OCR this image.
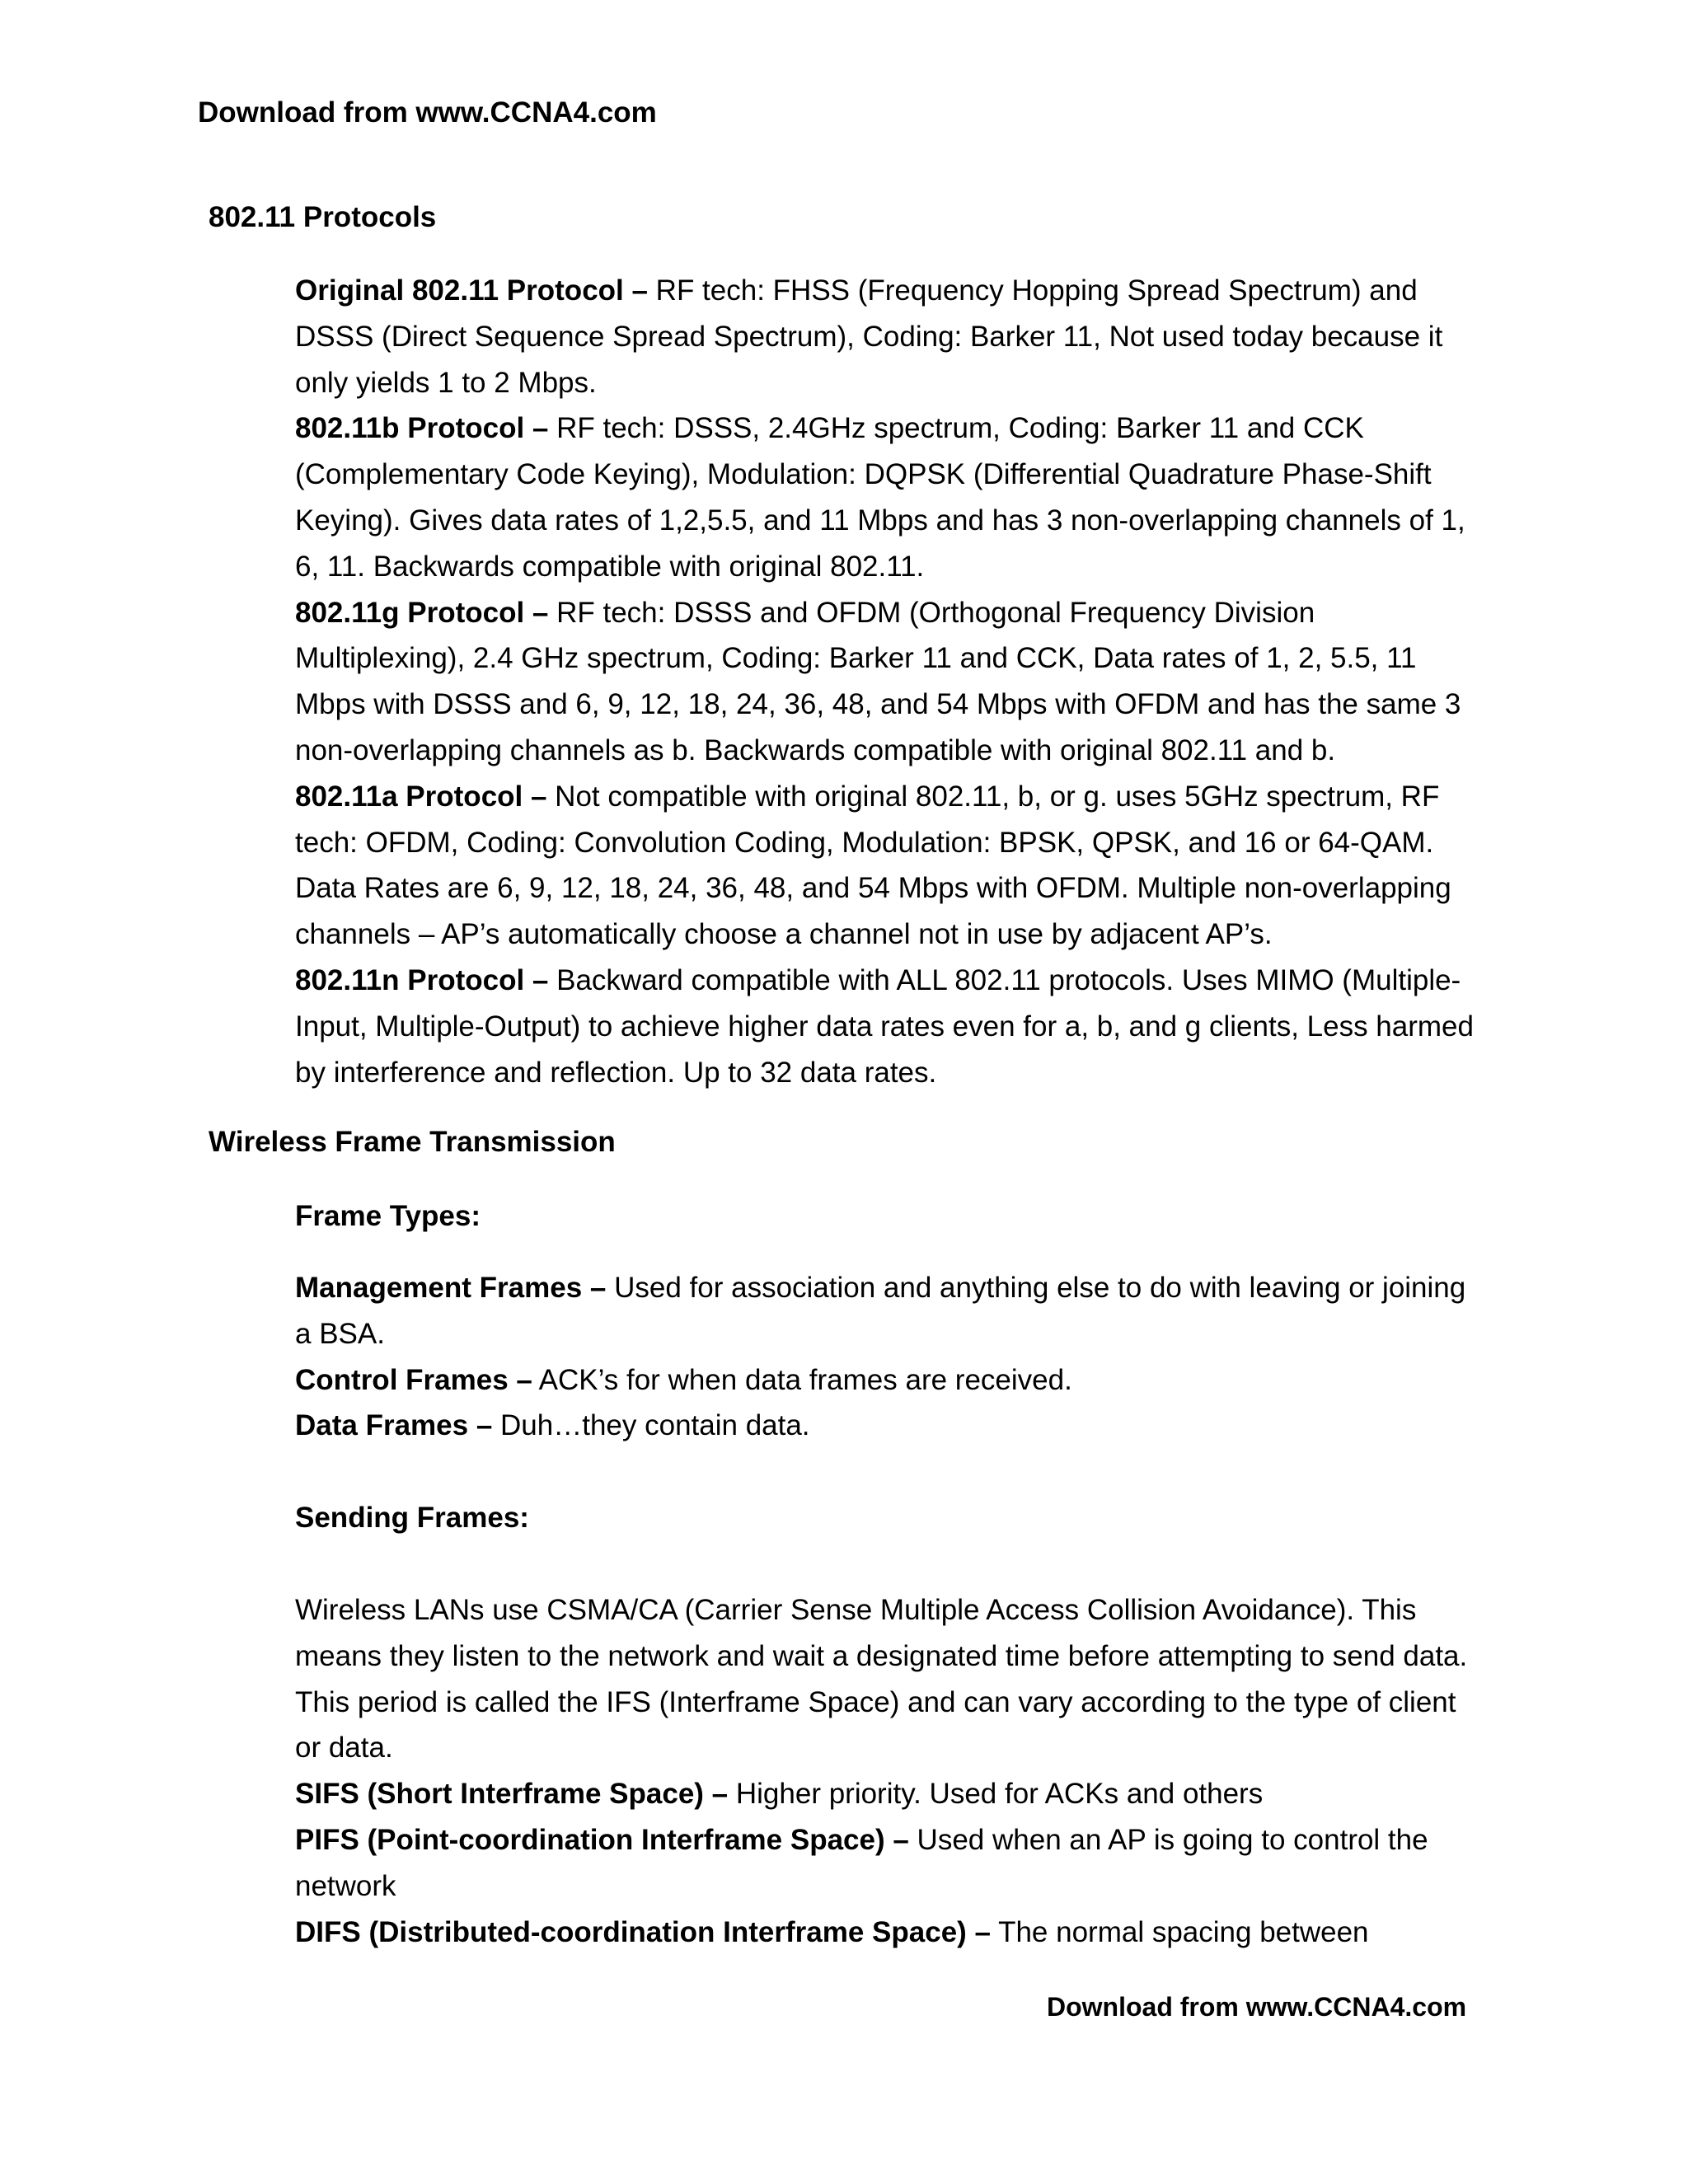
Download from www.CCNA4.com
802.11 Protocols

Original 802.11 Protocol – RF tech: FHSS (Frequency Hopping Spread Spectrum) and DSSS (Direct Sequence Spread Spectrum), Coding: Barker 11, Not used today because it only yields 1 to 2 Mbps.

802.11b Protocol – RF tech: DSSS, 2.4GHz spectrum, Coding: Barker 11 and CCK (Complementary Code Keying), Modulation: DQPSK (Differential Quadrature Phase-Shift Keying). Gives data rates of 1,2,5.5, and 11 Mbps and has 3 non-overlapping channels of 1, 6, 11. Backwards compatible with original 802.11.

802.11g Protocol – RF tech: DSSS and OFDM (Orthogonal Frequency Division Multiplexing), 2.4 GHz spectrum, Coding: Barker 11 and CCK, Data rates of 1, 2, 5.5, 11 Mbps with DSSS and 6, 9, 12, 18, 24, 36, 48, and 54 Mbps with OFDM and has the same 3 non-overlapping channels as b. Backwards compatible with original 802.11 and b.

802.11a Protocol – Not compatible with original 802.11, b, or g. uses 5GHz spectrum, RF tech: OFDM, Coding: Convolution Coding, Modulation: BPSK, QPSK, and 16 or 64-QAM. Data Rates are 6, 9, 12, 18, 24, 36, 48, and 54 Mbps with OFDM. Multiple non-overlapping channels – AP’s automatically choose a channel not in use by adjacent AP’s.

802.11n Protocol – Backward compatible with ALL 802.11 protocols. Uses MIMO (Multiple-Input, Multiple-Output) to achieve higher data rates even for a, b, and g clients, Less harmed by interference and reflection. Up to 32 data rates.

Wireless Frame Transmission
Frame Types:

Management Frames – Used for association and anything else to do with leaving or joining a BSA.

Control Frames – ACK’s for when data frames are received.

Data Frames – Duh…they contain data.

Sending Frames:

Wireless LANs use CSMA/CA (Carrier Sense Multiple Access Collision Avoidance). This means they listen to the network and wait a designated time before attempting to send data. This period is called the IFS (Interframe Space) and can vary according to the type of client or data.

SIFS (Short Interframe Space) – Higher priority. Used for ACKs and others

PIFS (Point-coordination Interframe Space) – Used when an AP is going to control the network

DIFS (Distributed-coordination Interframe Space) – The normal spacing between

Download from www.CCNA4.com
